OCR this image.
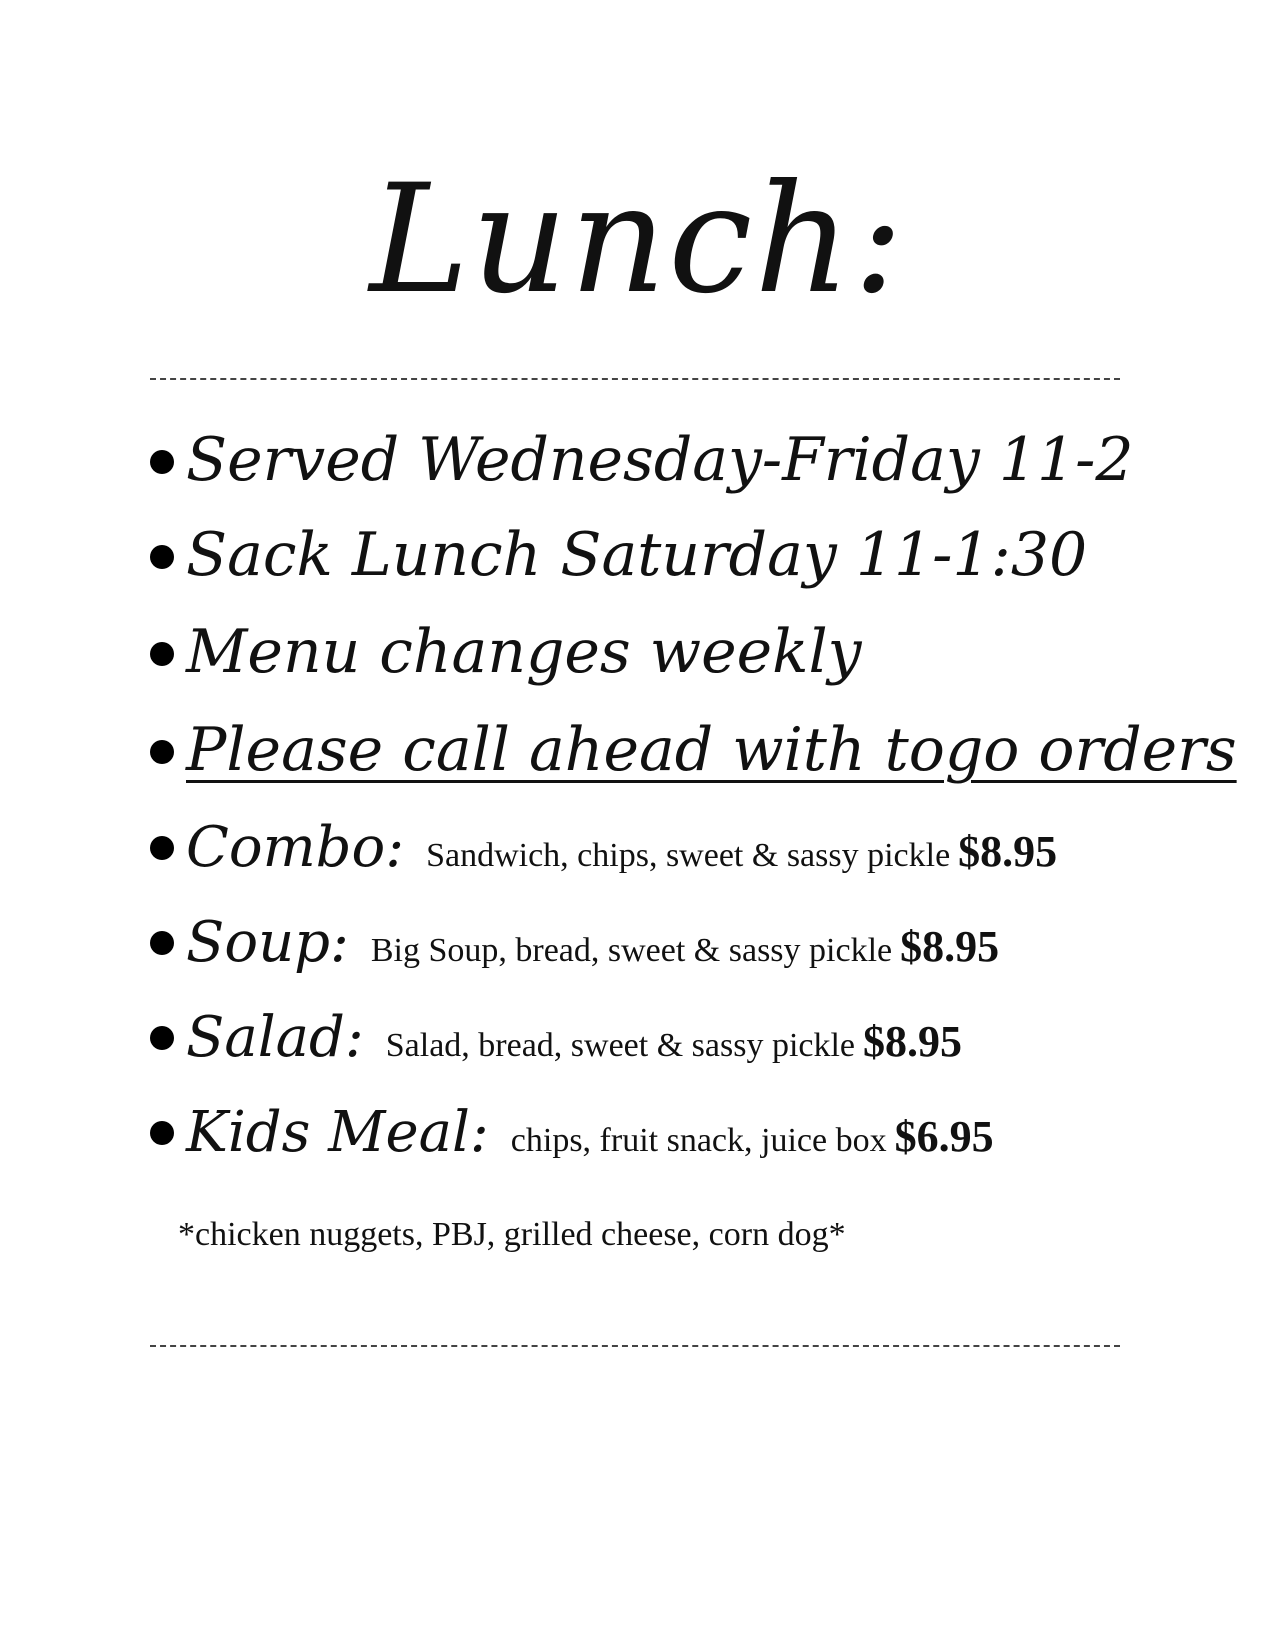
Lunch:
Served Wednesday-Friday 11-2
Sack Lunch Saturday 11-1:30
Menu changes weekly
Please call ahead with togo orders
Combo: Sandwich, chips, sweet & sassy pickle $8.95
Soup: Big Soup, bread, sweet & sassy pickle $8.95
Salad: Salad, bread, sweet & sassy pickle $8.95
Kids Meal: chips, fruit snack, juice box $6.95
*chicken nuggets, PBJ, grilled cheese, corn dog*
